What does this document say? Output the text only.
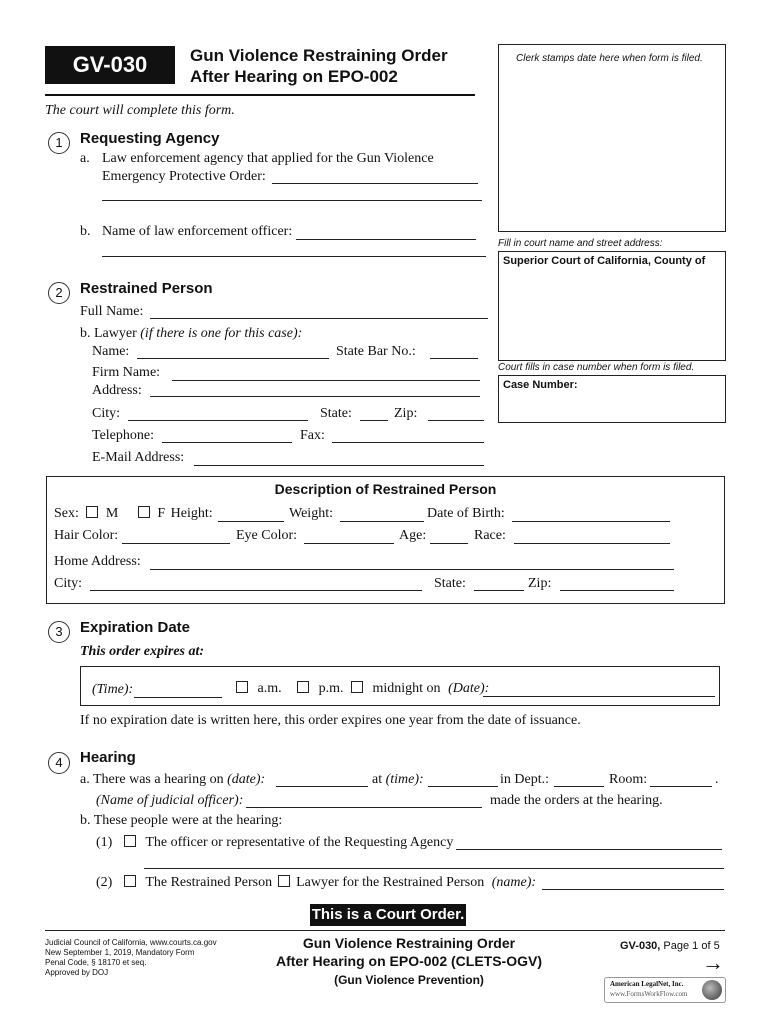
GV-030	Gun Violence Restraining Order
After Hearing on EPO-002
The court will complete this form.
Clerk stamps date here when form is filed.
Fill in court name and street address:
Superior Court of California, County of
Court fills in case number when form is filed.
Case Number:
1	Requesting Agency
a. Law enforcement agency that applied for the Gun Violence
Emergency Protective Order:
b. Name of law enforcement officer:
2	Restrained Person
Full Name:
b. Lawyer (if there is one for this case):
Name:	State Bar No.:
Firm Name:
Address:
City:	State:	Zip:
Telephone:	Fax:
E-Mail Address:
Description of Restrained Person
Sex: M	F Height:	Weight:	Date of Birth:
Hair Color:	Eye Color:	Age:	Race:
Home Address:
City:	State:	Zip:
3	Expiration Date
This order expires at:
(Time):	a.m.	p.m. midnight on (Date):
If no expiration date is written here, this order expires one year from the date of issuance.
4	Hearing
a. There was a hearing on (date):	at (time):	in Dept.:	Room:	.
(Name of judicial officer):	made the orders at the hearing.
b. These people were at the hearing:
(1) The officer or representative of the Requesting Agency
(2) The Restrained Person Lawyer for the Restrained Person (name):
This is a Court Order.
Judicial Council of California, www.courts.ca.gov
New September 1, 2019, Mandatory Form
Penal Code, § 18170 et seq.
Approved by DOJ
Gun Violence Restraining Order
After Hearing on EPO-002 (CLETS-OGV)
(Gun Violence Prevention)
GV-030, Page 1 of 5
→
American LegalNet, Inc.
www.FormsWorkFlow.com
